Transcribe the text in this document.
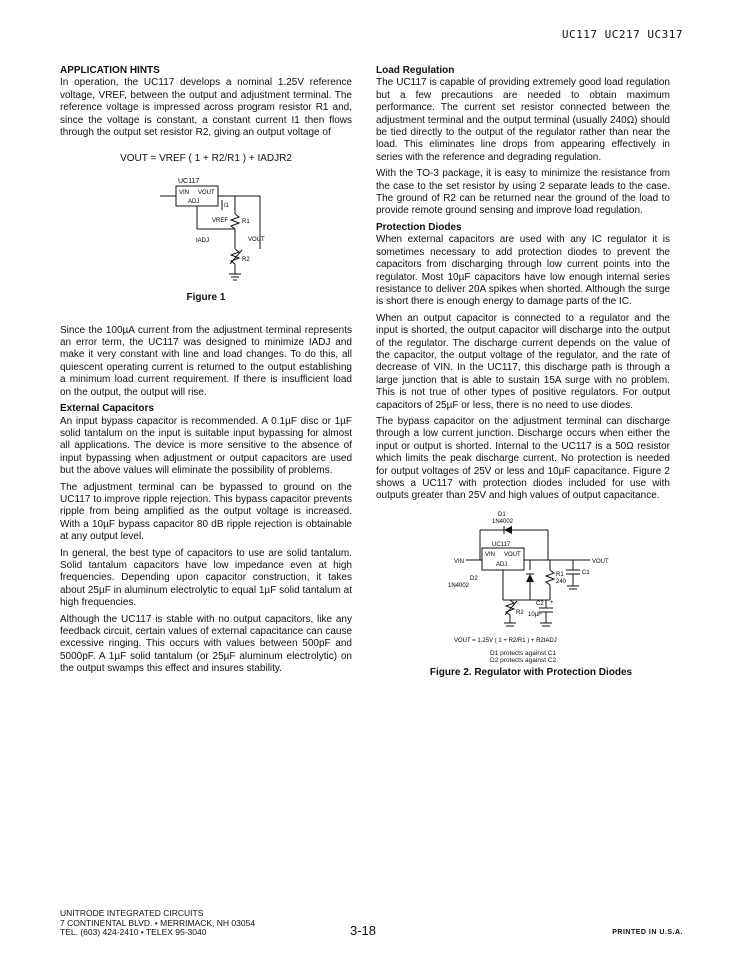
UC117 UC217 UC317
APPLICATION HINTS

In operation, the UC117 develops a nominal 1.25V reference voltage, VREF, between the output and adjustment terminal. The reference voltage is impressed across program resistor R1 and, since the voltage is constant, a constant current I1 then flows through the output set resistor R2, giving an output voltage of

VOUT = VREF ( 1 + R2/R1 ) + IADJR2
UC117
VIN VOUT
ADJ
I1
VREF R1
VOUT
IADJ
R2
Figure 1

Since the 100µA current from the adjustment terminal represents an error term, the UC117 was designed to minimize IADJ and make it very constant with line and load changes. To do this, all quiescent operating current is returned to the output establishing a minimum load current requirement. If there is insufficient load on the output, the output will rise.

External Capacitors

An input bypass capacitor is recommended. A 0.1µF disc or 1µF solid tantalum on the input is suitable input bypassing for almost all applications. The device is more sensitive to the absence of input bypassing when adjustment or output capacitors are used but the above values will eliminate the possibility of problems.

The adjustment terminal can be bypassed to ground on the UC117 to improve ripple rejection. This bypass capacitor prevents ripple from being amplified as the output voltage is increased. With a 10µF bypass capacitor 80 dB ripple rejection is obtainable at any output level.

In general, the best type of capacitors to use are solid tantalum. Solid tantalum capacitors have low impedance even at high frequencies. Depending upon capacitor construction, it takes about 25µF in aluminum electrolytic to equal 1µF solid tantalum at high frequencies.

Although the UC117 is stable with no output capacitors, like any feedback circuit, certain values of external capacitance can cause excessive ringing. This occurs with values between 500pF and 5000pF. A 1µF solid tantalum (or 25µF aluminum electrolytic) on the output swamps this effect and insures stability.

Load Regulation

The UC117 is capable of providing extremely good load regulation but a few precautions are needed to obtain maximum performance. The current set resistor connected between the adjustment terminal and the output terminal (usually 240Ω) should be tied directly to the output of the regulator rather than near the load. This eliminates line drops from appearing effectively in series with the reference and degrading regulation.

With the TO-3 package, it is easy to minimize the resistance from the case to the set resistor by using 2 separate leads to the case. The ground of R2 can be returned near the ground of the load to provide remote ground sensing and improve load regulation.

Protection Diodes

When external capacitors are used with any IC regulator it is sometimes necessary to add protection diodes to prevent the capacitors from discharging through low current points into the regulator. Most 10µF capacitors have low enough internal series resistance to deliver 20A spikes when shorted. Although the surge is short there is enough energy to damage parts of the IC.

When an output capacitor is connected to a regulator and the input is shorted, the output capacitor will discharge into the output of the regulator. The discharge current depends on the value of the capacitor, the output voltage of the regulator, and the rate of decrease of VIN. In the UC117, this discharge path is through a large junction that is able to sustain 15A surge with no problem. This is not true of other types of positive regulators. For output capacitors of 25µF or less, there is no need to use diodes.

The bypass capacitor on the adjustment terminal can discharge through a low current junction. Discharge occurs when either the input or output is shorted. Internal to the UC117 is a 50Ω resistor which limits the peak discharge current. No protection is needed for output voltages of 25V or less and 10µF capacitance. Figure 2 shows a UC117 with protection diodes included for use with outputs greater than 25V and high values of output capacitance.

D1
1N4002
UC117
VIN VOUT
ADJ
VIN	VOUT
C1
D2
1N4002
R1
240
R2
+
C2
10µF
VOUT = 1.25V ( 1 + R2/R1 ) + R2IADJ
D1 protects against C1
D2 protects against C2
Figure 2. Regulator with Protection Diodes
UNITRODE INTEGRATED CIRCUITS
7 CONTINENTAL BLVD. • MERRIMACK, NH 03054
TEL. (603) 424-2410 • TELEX 95-3040	3-18	PRINTED IN U.S.A.
